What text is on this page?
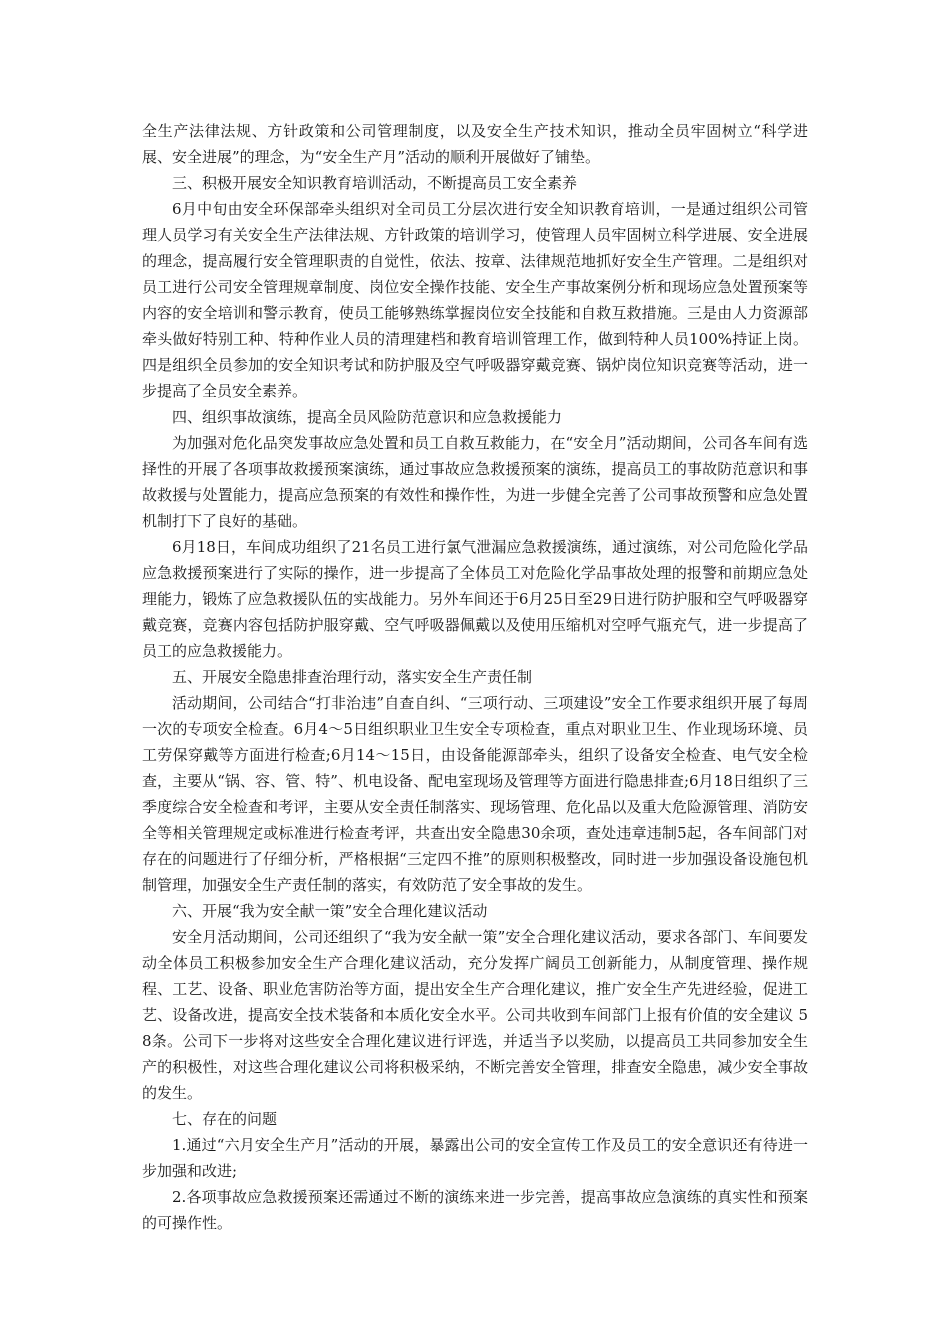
全生产法律法规、方针政策和公司管理制度，以及安全生产技术知识，推动全员牢固树立“科学进展、安全进展”的理念，为“安全生产月”活动的顺利开展做好了铺垫。

三、积极开展安全知识教育培训活动，不断提高员工安全素养

6月中旬由安全环保部牵头组织对全司员工分层次进行安全知识教育培训，一是通过组织公司管理人员学习有关安全生产法律法规、方针政策的培训学习，使管理人员牢固树立科学进展、安全进展的理念，提高履行安全管理职责的自觉性，依法、按章、法律规范地抓好安全生产管理。二是组织对员工进行公司安全管理规章制度、岗位安全操作技能、安全生产事故案例分析和现场应急处置预案等内容的安全培训和警示教育，使员工能够熟练掌握岗位安全技能和自救互救措施。三是由人力资源部牵头做好特别工种、特种作业人员的清理建档和教育培训管理工作，做到特种人员100%持证上岗。四是组织全员参加的安全知识考试和防护服及空气呼吸器穿戴竞赛、锅炉岗位知识竞赛等活动，进一步提高了全员安全素养。

四、组织事故演练，提高全员风险防范意识和应急救援能力

为加强对危化品突发事故应急处置和员工自救互救能力，在“安全月”活动期间，公司各车间有选择性的开展了各项事故救援预案演练，通过事故应急救援预案的演练，提高员工的事故防范意识和事故救援与处置能力，提高应急预案的有效性和操作性，为进一步健全完善了公司事故预警和应急处置机制打下了良好的基础。

6月18日，车间成功组织了21名员工进行氯气泄漏应急救援演练，通过演练，对公司危险化学品应急救援预案进行了实际的操作，进一步提高了全体员工对危险化学品事故处理的报警和前期应急处理能力，锻炼了应急救援队伍的实战能力。另外车间还于6月25日至29日进行防护服和空气呼吸器穿戴竞赛，竞赛内容包括防护服穿戴、空气呼吸器佩戴以及使用压缩机对空呼气瓶充气，进一步提高了员工的应急救援能力。

五、开展安全隐患排查治理行动，落实安全生产责任制

活动期间，公司结合“打非治违”自查自纠、“三项行动、三项建设”安全工作要求组织开展了每周一次的专项安全检查。6月4～5日组织职业卫生安全专项检查，重点对职业卫生、作业现场环境、员工劳保穿戴等方面进行检查;6月14～15日，由设备能源部牵头，组织了设备安全检查、电气安全检查，主要从“锅、容、管、特”、机电设备、配电室现场及管理等方面进行隐患排查;6月18日组织了三季度综合安全检查和考评，主要从安全责任制落实、现场管理、危化品以及重大危险源管理、消防安全等相关管理规定或标准进行检查考评，共查出安全隐患30余项，查处违章违制5起，各车间部门对存在的问题进行了仔细分析，严格根据“三定四不推”的原则积极整改，同时进一步加强设备设施包机制管理，加强安全生产责任制的落实，有效防范了安全事故的发生。

六、开展“我为安全献一策”安全合理化建议活动

安全月活动期间，公司还组织了“我为安全献一策”安全合理化建议活动，要求各部门、车间要发动全体员工积极参加安全生产合理化建议活动，充分发挥广阔员工创新能力，从制度管理、操作规程、工艺、设备、职业危害防治等方面，提出安全生产合理化建议，推广安全生产先进经验，促进工艺、设备改进，提高安全技术装备和本质化安全水平。公司共收到车间部门上报有价值的安全建议 58条。公司下一步将对这些安全合理化建议进行评选，并适当予以奖励，以提高员工共同参加安全生产的积极性，对这些合理化建议公司将积极采纳，不断完善安全管理，排查安全隐患，减少安全事故的发生。

七、存在的问题

1.通过“六月安全生产月”活动的开展，暴露出公司的安全宣传工作及员工的安全意识还有待进一步加强和改进;

2.各项事故应急救援预案还需通过不断的演练来进一步完善，提高事故应急演练的真实性和预案的可操作性。
